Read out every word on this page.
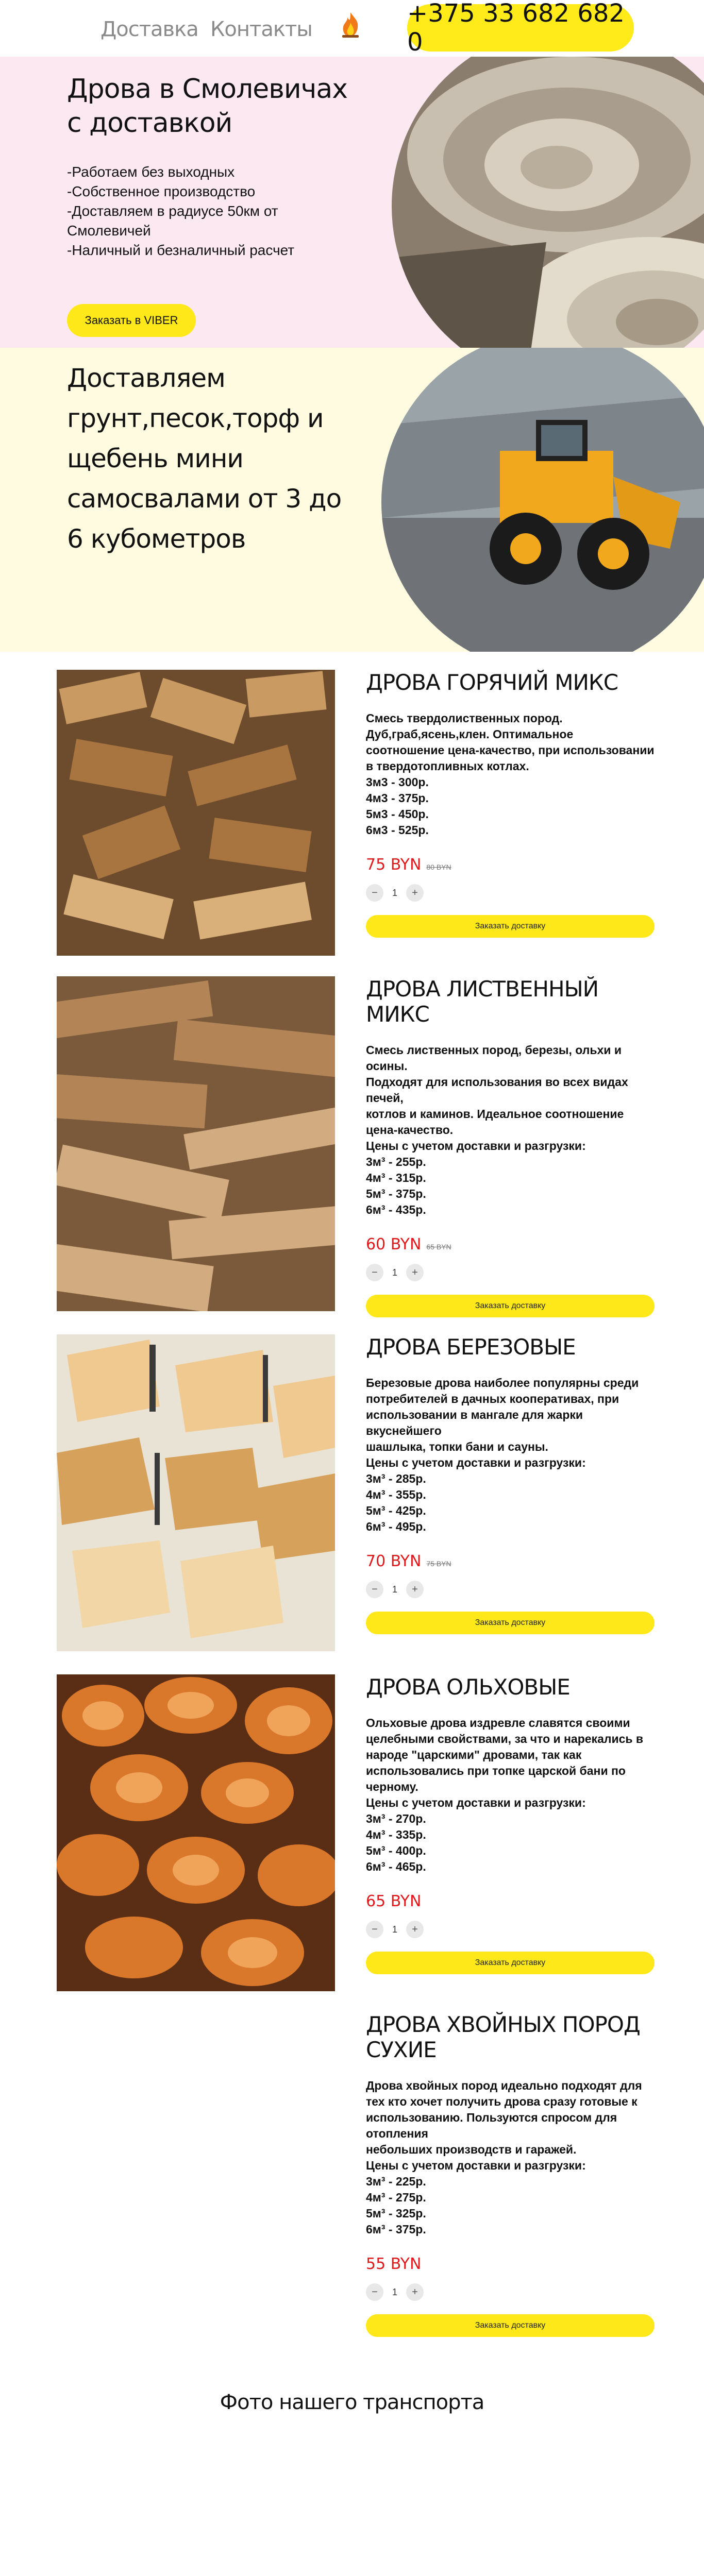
Доставка Контакты
+375 33 682 682 0
Дрова в Смолевичах с доставкой
-Работаем без выходных
-Собственное производство
-Доставляем в радиусе 50км от Смолевичей
-Наличный и безналичный расчет
Заказать в VIBER
Доставляем грунт,песок,торф и щебень мини самосвалами от 3 до 6 кубометров
ДРОВА ГОРЯЧИЙ МИКС
Смесь твердолиственных пород.
Дуб,граб,ясень,клен. Оптимальное соотношение цена-качество, при использовании в твердотопливных котлах.
3м3 - 300р.
4м3 - 375р.
5м3 - 450р.
6м3 - 525р.
75 BYN 80 BYN
−	1	+
Заказать доставку
ДРОВА ЛИСТВЕННЫЙ МИКС
Смесь лиственных пород, березы, ольхи и осины.
Подходят для использования во всех видах печей,
котлов и каминов. Идеальное соотношение цена-качество.
Цены с учетом доставки и разгрузки:
3м³ - 255р.
4м³ - 315р.
5м³ - 375р.
6м³ - 435р.
60 BYN 65 BYN
−	1	+
Заказать доставку
ДРОВА БЕРЕЗОВЫЕ
Березовые дрова наиболее популярны среди потребителей в дачных кооперативах, при использовании в мангале для жарки вкуснейшего
шашлыка, топки бани и сауны.
Цены с учетом доставки и разгрузки:
3м³ - 285р.
4м³ - 355р.
5м³ - 425р.
6м³ - 495р.
70 BYN 75 BYN
−	1	+
Заказать доставку
ДРОВА ОЛЬХОВЫЕ
Ольховые дрова издревле славятся своими целебными свойствами, за что и нарекались в народе "царскими" дровами, так как использовались при топке царской бани по черному.
Цены с учетом доставки и разгрузки:
3м³ - 270р.
4м³ - 335р.
5м³ - 400р.
6м³ - 465р.
65 BYN
−	1	+
Заказать доставку
ДРОВА ХВОЙНЫХ ПОРОД СУХИЕ
Дрова хвойных пород идеально подходят для тех кто хочет получить дрова сразу готовые к использованию. Пользуются спросом для отопления
небольших производств и гаражей.
Цены с учетом доставки и разгрузки:
3м³ - 225р.
4м³ - 275р.
5м³ - 325р.
6м³ - 375р.
55 BYN
−	1	+
Заказать доставку
Фото нашего транспорта
